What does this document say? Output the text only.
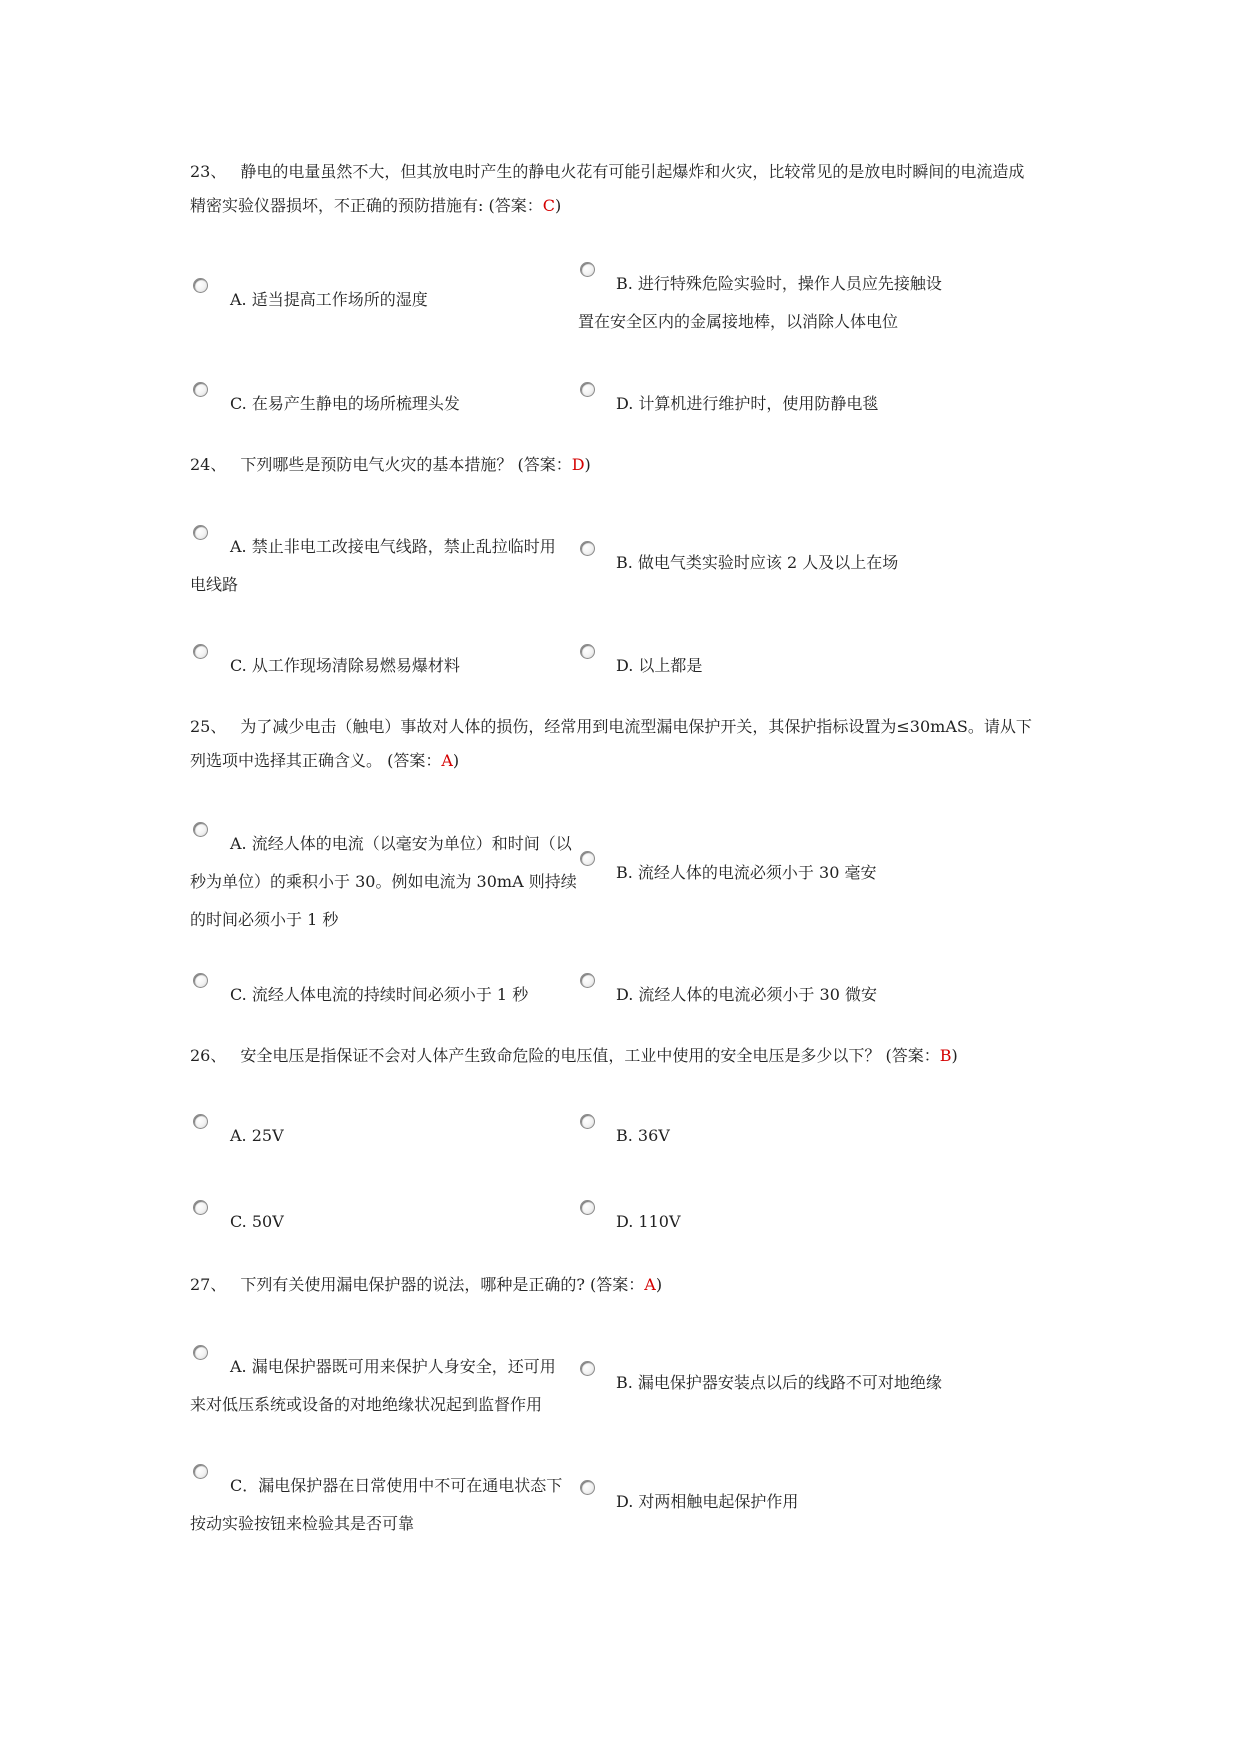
23、 静电的电量虽然不大，但其放电时产生的静电火花有可能引起爆炸和火灾，比较常见的是放电时瞬间的电流造成
精密实验仪器损坏，不正确的预防措施有: (答案：C)
A. 适当提高工作场所的湿度
B. 进行特殊危险实验时，操作人员应先接触设
置在安全区内的金属接地棒，以消除人体电位
C. 在易产生静电的场所梳理头发	D. 计算机进行维护时，使用防静电毯
24、 下列哪些是预防电气火灾的基本措施？ (答案：D)
A. 禁止非电工改接电气线路，禁止乱拉临时用
电线路
B. 做电气类实验时应该 2 人及以上在场
C. 从工作现场清除易燃易爆材料	D. 以上都是
25、 为了减少电击（触电）事故对人体的损伤，经常用到电流型漏电保护开关，其保护指标设置为≤30mAS。请从下
列选项中选择其正确含义。 (答案：A)
A. 流经人体的电流（以毫安为单位）和时间（以
秒为单位）的乘积小于 30。例如电流为 30mA 则持续
的时间必须小于 1 秒
B. 流经人体的电流必须小于 30 毫安
C. 流经人体电流的持续时间必须小于 1 秒	D. 流经人体的电流必须小于 30 微安
26、 安全电压是指保证不会对人体产生致命危险的电压值，工业中使用的安全电压是多少以下？ (答案：B)
A. 25V	B. 36V
C. 50V	D. 110V
27、 下列有关使用漏电保护器的说法，哪种是正确的? (答案：A)
A. 漏电保护器既可用来保护人身安全，还可用
来对低压系统或设备的对地绝缘状况起到监督作用
B. 漏电保护器安装点以后的线路不可对地绝缘
C．漏电保护器在日常使用中不可在通电状态下
按动实验按钮来检验其是否可靠
D. 对两相触电起保护作用
